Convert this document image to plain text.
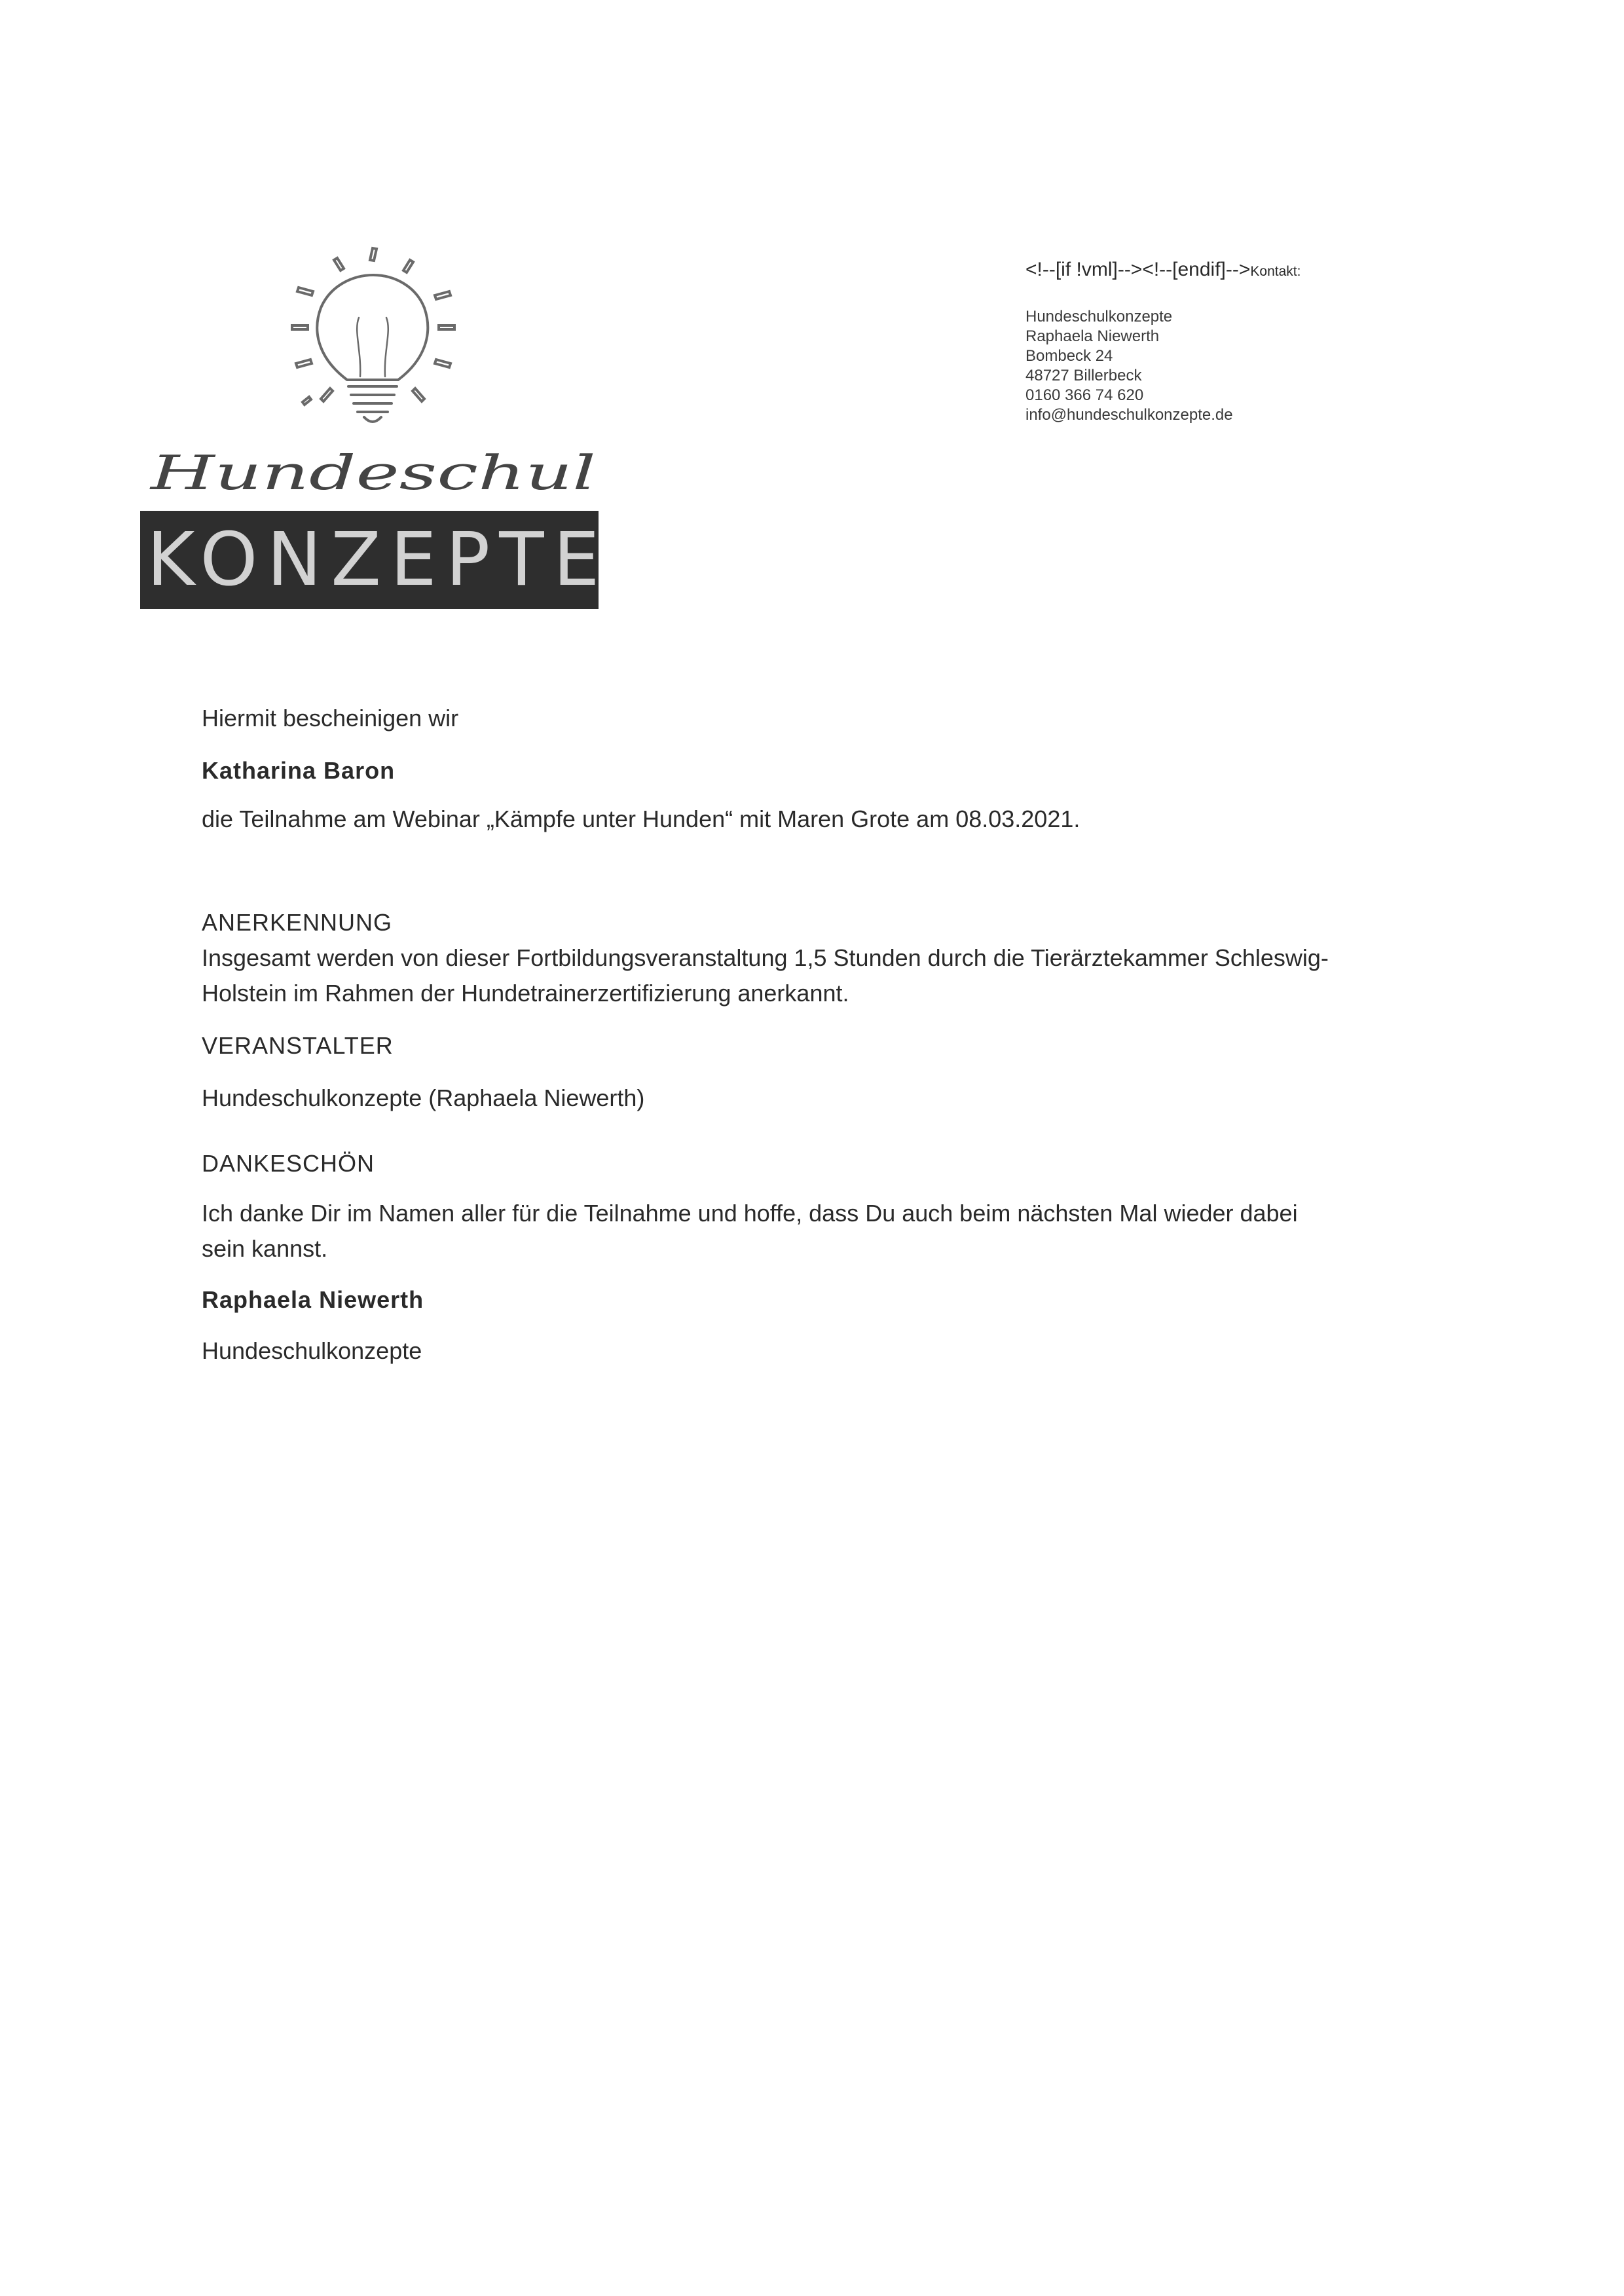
Hundeschul
KONZEPTE
<!--[if !vml]--><!--[endif]-->Kontakt:
Hundeschulkonzepte
Raphaela Niewerth
Bombeck 24
48727 Billerbeck
0160 366 74 620
info@hundeschulkonzepte.de

Hiermit bescheinigen wir

Katharina Baron

die Teilnahme am Webinar „Kämpfe unter Hunden“ mit Maren Grote am 08.03.2021.

ANERKENNUNG

Insgesamt werden von dieser Fortbildungsveranstaltung 1,5 Stunden durch die Tierärztekammer Schleswig-

Holstein im Rahmen der Hundetrainerzertifizierung anerkannt.

VERANSTALTER

Hundeschulkonzepte (Raphaela Niewerth)

DANKESCHÖN

Ich danke Dir im Namen aller für die Teilnahme und hoffe, dass Du auch beim nächsten Mal wieder dabei

sein kannst.

Raphaela Niewerth

Hundeschulkonzepte
